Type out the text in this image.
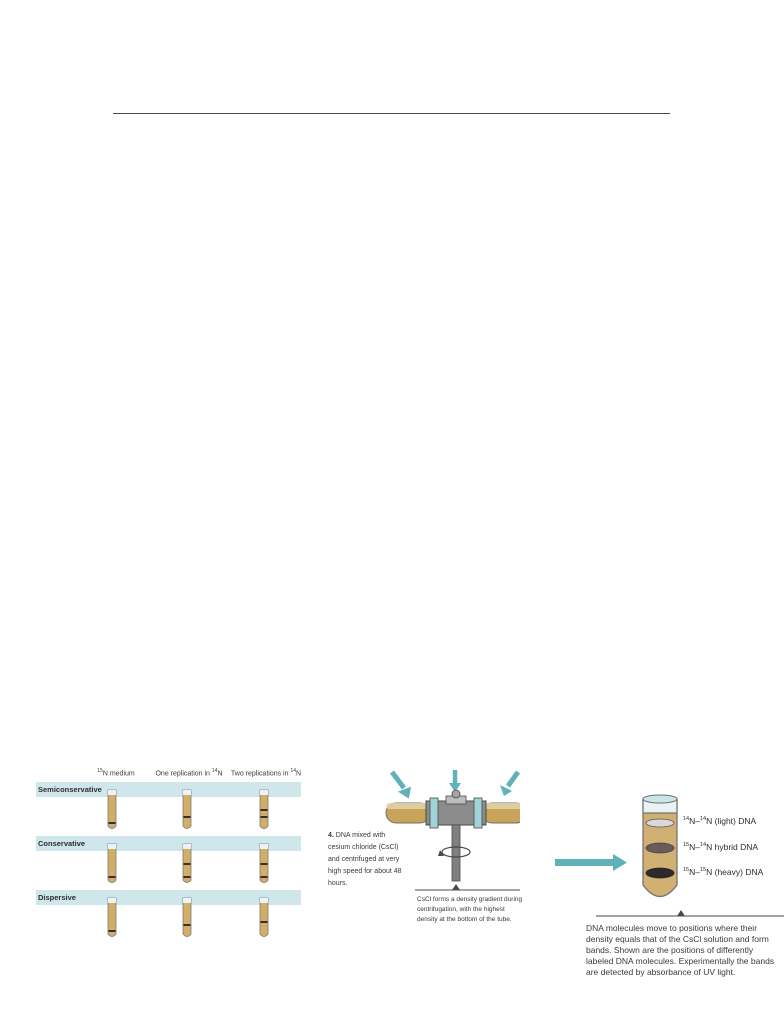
$^{15}$N medium	One replication in $^{14}$N Two replications in $^{14}$N
Semiconservative
Conservative
Dispersive
4. DNA mixed with cesium chloride (CsCl) and centrifuged at very high speed for about 48 hours.
CsCl forms a density gradient during centrifugation, with the highest density at the bottom of the tube.
$^{14}$N–$^{14}$N (light) DNA
$^{15}$N–$^{14}$N hybrid DNA
$^{15}$N–$^{15}$N (heavy) DNA
DNA molecules move to positions where their density equals that of the CsCl solution and form bands. Shown are the positions of differently labeled DNA molecules. Experimentally the bands are detected by absorbance of UV light.
